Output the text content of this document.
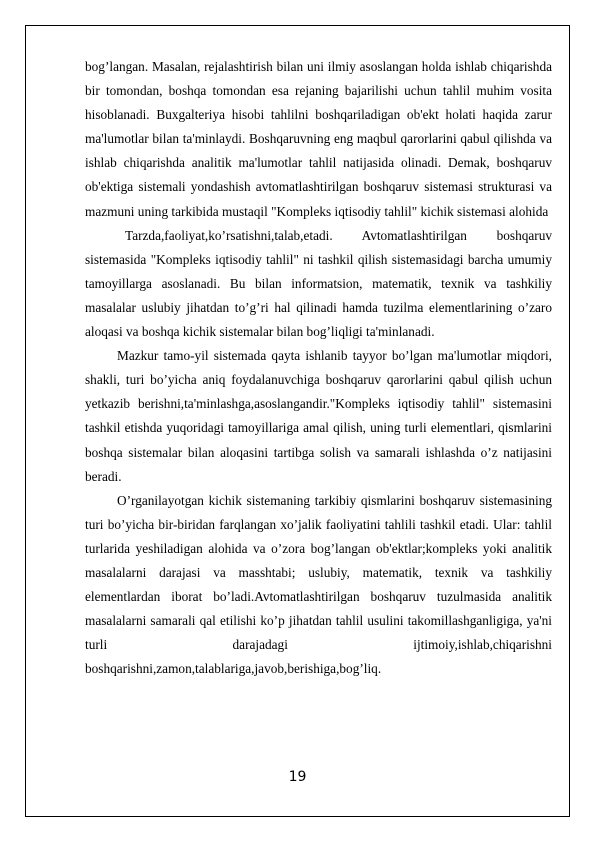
bog’langan. Masalan, rejalashtirish bilan uni ilmiy asoslangan holda ishlab chiqarishda bir tomondan, boshqa tomondan esa rejaning bajarilishi uchun tahlil muhim vosita hisoblanadi. Buxgalteriya hisobi tahlilni boshqariladigan ob'ekt holati haqida zarur ma'lumotlar bilan ta'minlaydi. Boshqaruvning eng maqbul qarorlarini qabul qilishda va ishlab chiqarishda analitik ma'lumotlar tahlil natijasida olinadi. Demak, boshqaruv ob'ektiga sistemali yondashish avtomatlashtirilgan boshqaruv sistemasi strukturasi va mazmuni uning tarkibida mustaqil "Kompleks iqtisodiy tahlil" kichik sistemasi alohida

Tarzda,faoliyat,ko’rsatishni,talab,etadi. Avtomatlashtirilgan boshqaruv sistemasida "Kompleks iqtisodiy tahlil" ni tashkil qilish sistemasidagi barcha umumiy tamoyillarga asoslanadi. Bu bilan informatsion, matematik, texnik va tashkiliy masalalar uslubiy jihatdan to’g’ri hal qilinadi hamda tuzilma elementlarining o’zaro aloqasi va boshqa kichik sistemalar bilan bog’liqligi ta'minlanadi.

Mazkur tamo-yil sistemada qayta ishlanib tayyor bo’lgan ma'lumotlar miqdori, shakli, turi bo’yicha aniq foydalanuvchiga boshqaruv qarorlarini qabul qilish uchun yetkazib berishni,ta'minlashga,asoslangandir."Kompleks iqtisodiy tahlil" sistemasini tashkil etishda yuqoridagi tamoyillariga amal qilish, uning turli elementlari, qismlarini boshqa sistemalar bilan aloqasini tartibga solish va samarali ishlashda o’z natijasini beradi.

O’rganilayotgan kichik sistemaning tarkibiy qismlarini boshqaruv sistemasining turi bo’yicha bir-biridan farqlangan xo’jalik faoliyatini tahlili tashkil etadi. Ular: tahlil turlarida yeshiladigan alohida va o’zora bog’langan ob'ektlar;kompleks yoki analitik masalalarni darajasi va masshtabi; uslubiy, matematik, texnik va tashkiliy elementlardan iborat bo’ladi.Avtomatlashtirilgan boshqaruv tuzulmasida analitik masalalarni samarali qal etilishi ko’p jihatdan tahlil usulini takomillashganligiga, ya'ni turli darajadagi ijtimoiy,ishlab,chiqarishni boshqarishni,zamon,talablariga,javob,berishiga,bog’liq.

19
